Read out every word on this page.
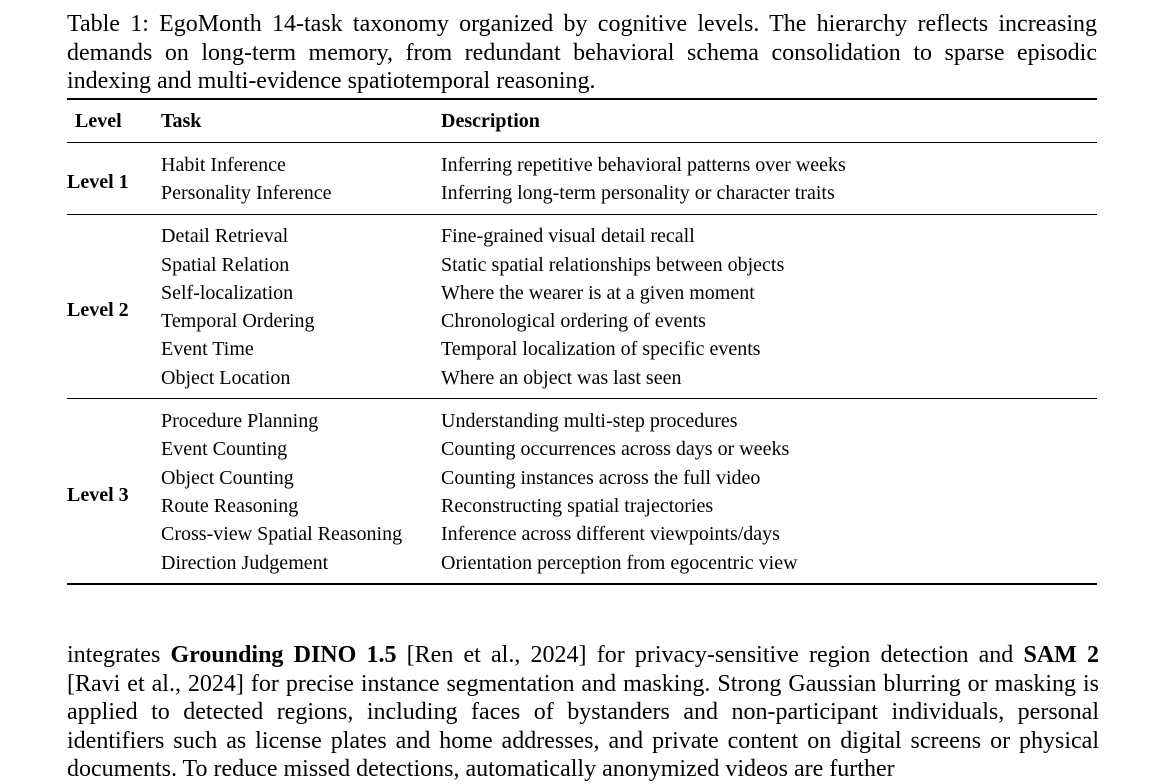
Table 1: EgoMonth 14-task taxonomy organized by cognitive levels. The hierarchy reflects increasing
demands on long-term memory, from redundant behavioral schema consolidation to sparse episodic
indexing and multi-evidence spatiotemporal reasoning.
Level	Task	Description
Level 1	Habit Inference	Inferring repetitive behavioral patterns over weeks
	Personality Inference	Inferring long-term personality or character traits
Level 2	Detail Retrieval	Fine-grained visual detail recall
	Spatial Relation	Static spatial relationships between objects
	Self-localization	Where the wearer is at a given moment
	Temporal Ordering	Chronological ordering of events
	Event Time	Temporal localization of specific events
	Object Location	Where an object was last seen
Level 3	Procedure Planning	Understanding multi-step procedures
	Event Counting	Counting occurrences across days or weeks
	Object Counting	Counting instances across the full video
	Route Reasoning	Reconstructing spatial trajectories
	Cross-view Spatial Reasoning	Inference across different viewpoints/days
	Direction Judgement	Orientation perception from egocentric view
integrates Grounding DINO 1.5 [Ren et al., 2024] for privacy-sensitive region detection and SAM 2 [Ravi et al., 2024] for precise instance segmentation and masking. Strong Gaussian blurring or masking is applied to detected regions, including faces of bystanders and non-participant individuals, personal identifiers such as license plates and home addresses, and private content on digital screens or physical documents. To reduce missed detections, automatically anonymized videos are further
